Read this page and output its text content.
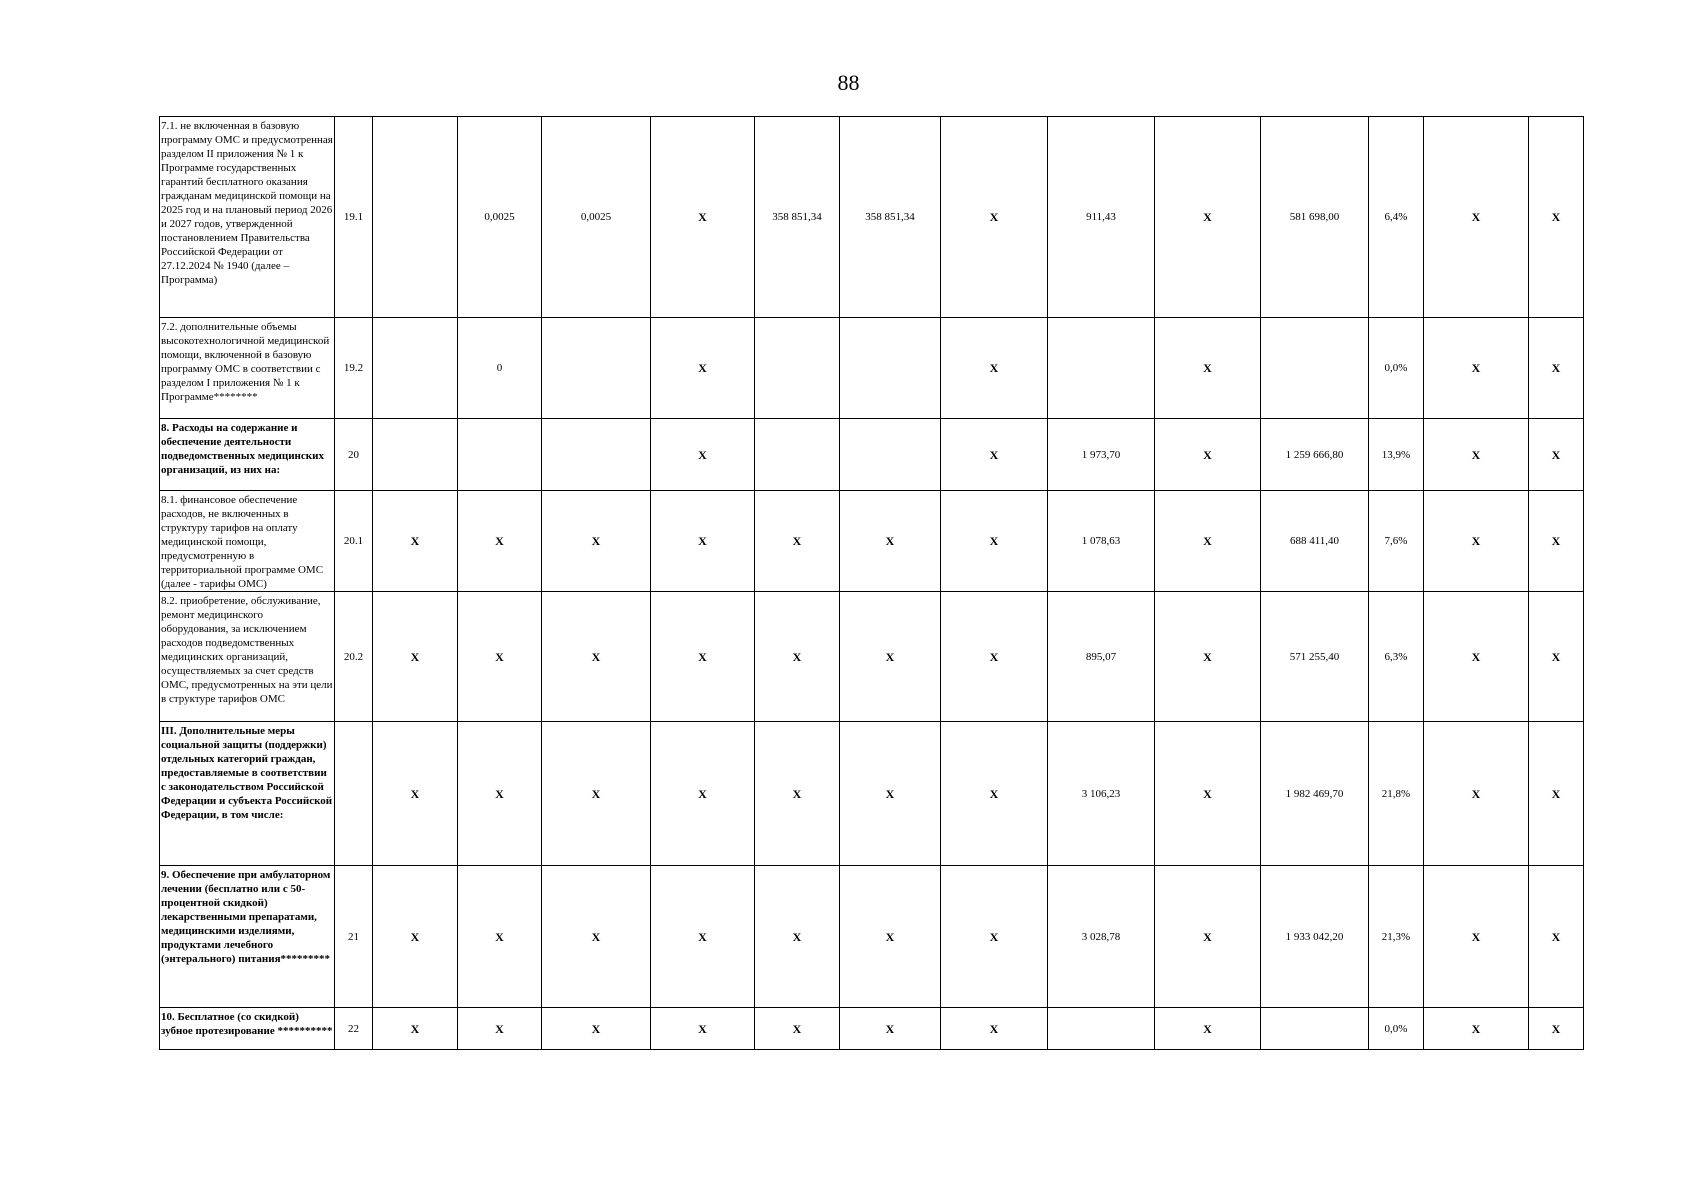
88
7.1. не включенная в базовую программу ОМС и предусмотренная разделом II приложения № 1 к Программе государственных гарантий бесплатного оказания гражданам медицинской помощи на 2025 год и на плановый период 2026 и 2027 годов, утвержденной постановлением Правительства Российской Федерации от 27.12.2024 № 1940 (далее – Программа)	19.1		0,0025	0,0025	X	358 851,34	358 851,34	X	911,43	X	581 698,00	6,4%	X	X
7.2. дополнительные объемы высокотехнологичной медицинской помощи, включенной в базовую программу ОМС в соответствии с разделом I приложения № 1 к Программе********	19.2		0		X			X		X		0,0%	X	X
8. Расходы на содержание и обеспечение деятельности подведомственных медицинских организаций, из них на:	20				X			X	1 973,70	X	1 259 666,80	13,9%	X	X
8.1. финансовое обеспечение расходов, не включенных в структуру тарифов на оплату медицинской помощи, предусмотренную в территориальной программе ОМС (далее - тарифы ОМС)	20.1	X	X	X	X	X	X	X	1 078,63	X	688 411,40	7,6%	X	X
8.2. приобретение, обслуживание, ремонт медицинского оборудования, за исключением расходов подведомственных медицинских организаций, осуществляемых за счет средств ОМС, предусмотренных на эти цели в структуре тарифов ОМС	20.2	X	X	X	X	X	X	X	895,07	X	571 255,40	6,3%	X	X
III. Дополнительные меры социальной защиты (поддержки) отдельных категорий граждан, предоставляемые в соответствии с законодательством Российской Федерации и субъекта Российской Федерации, в том числе:		X	X	X	X	X	X	X	3 106,23	X	1 982 469,70	21,8%	X	X
9. Обеспечение при амбулаторном лечении (бесплатно или с 50-процентной скидкой) лекарственными препаратами, медицинскими изделиями, продуктами лечебного (энтерального) питания*********	21	X	X	X	X	X	X	X	3 028,78	X	1 933 042,20	21,3%	X	X
10. Бесплатное (со скидкой) зубное протезирование **********	22	X	X	X	X	X	X	X		X		0,0%	X	X
